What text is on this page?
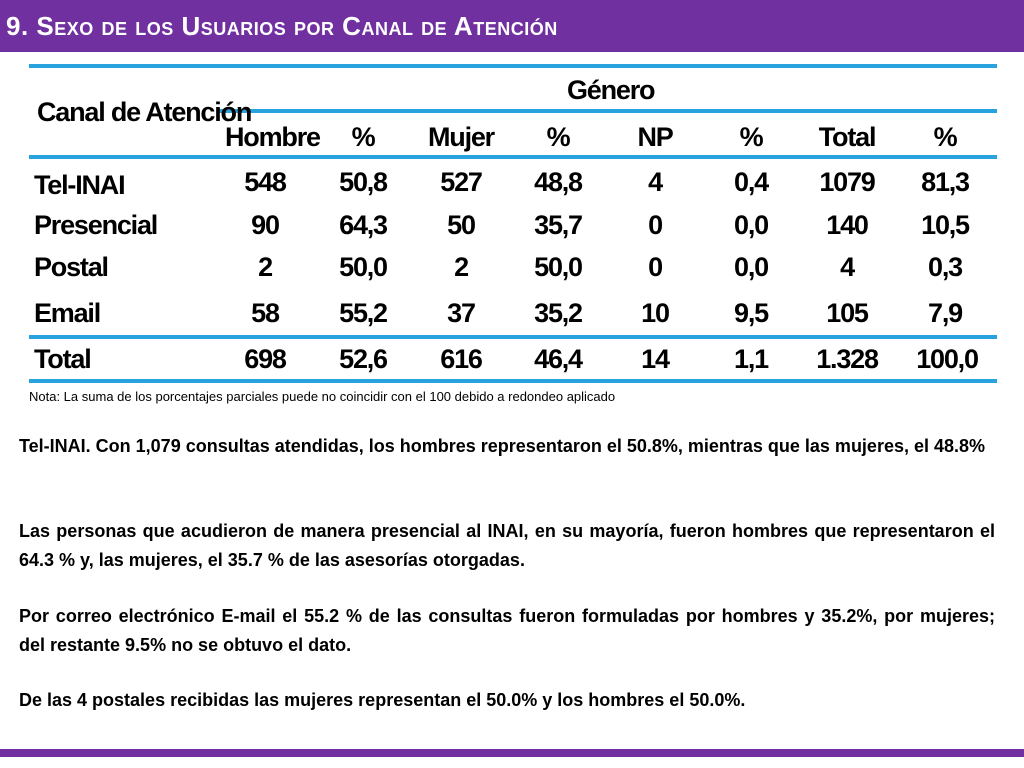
9. Sexo de los Usuarios por Canal de Atención
Canal de Atención
Género
Hombre	%	Mujer	%	NP	%	Total	%
Tel-INAI	548	50,8	527	48,8	4	0,4	1079	81,3
Presencial	90	64,3	50	35,7	0	0,0	140	10,5
Postal	2	50,0	2	50,0	0	0,0	4	0,3
Email	58	55,2	37	35,2	10	9,5	105	7,9
Total	698	52,6	616	46,4	14	1,1	1.328	100,0
Nota: La suma de los porcentajes parciales puede no coincidir con el 100 debido a redondeo aplicado

Tel-INAI. Con 1,079 consultas atendidas, los hombres representaron el 50.8%, mientras que las mujeres, el 48.8%

Las personas que acudieron de manera presencial al INAI, en su mayoría, fueron hombres que representaron el 64.3 % y, las mujeres, el 35.7 % de las asesorías otorgadas.

Por correo electrónico E-mail el 55.2 % de las consultas fueron formuladas por hombres y 35.2%, por mujeres; del restante 9.5% no se obtuvo el dato.

De las 4 postales recibidas las mujeres representan el 50.0% y los hombres el 50.0%.
